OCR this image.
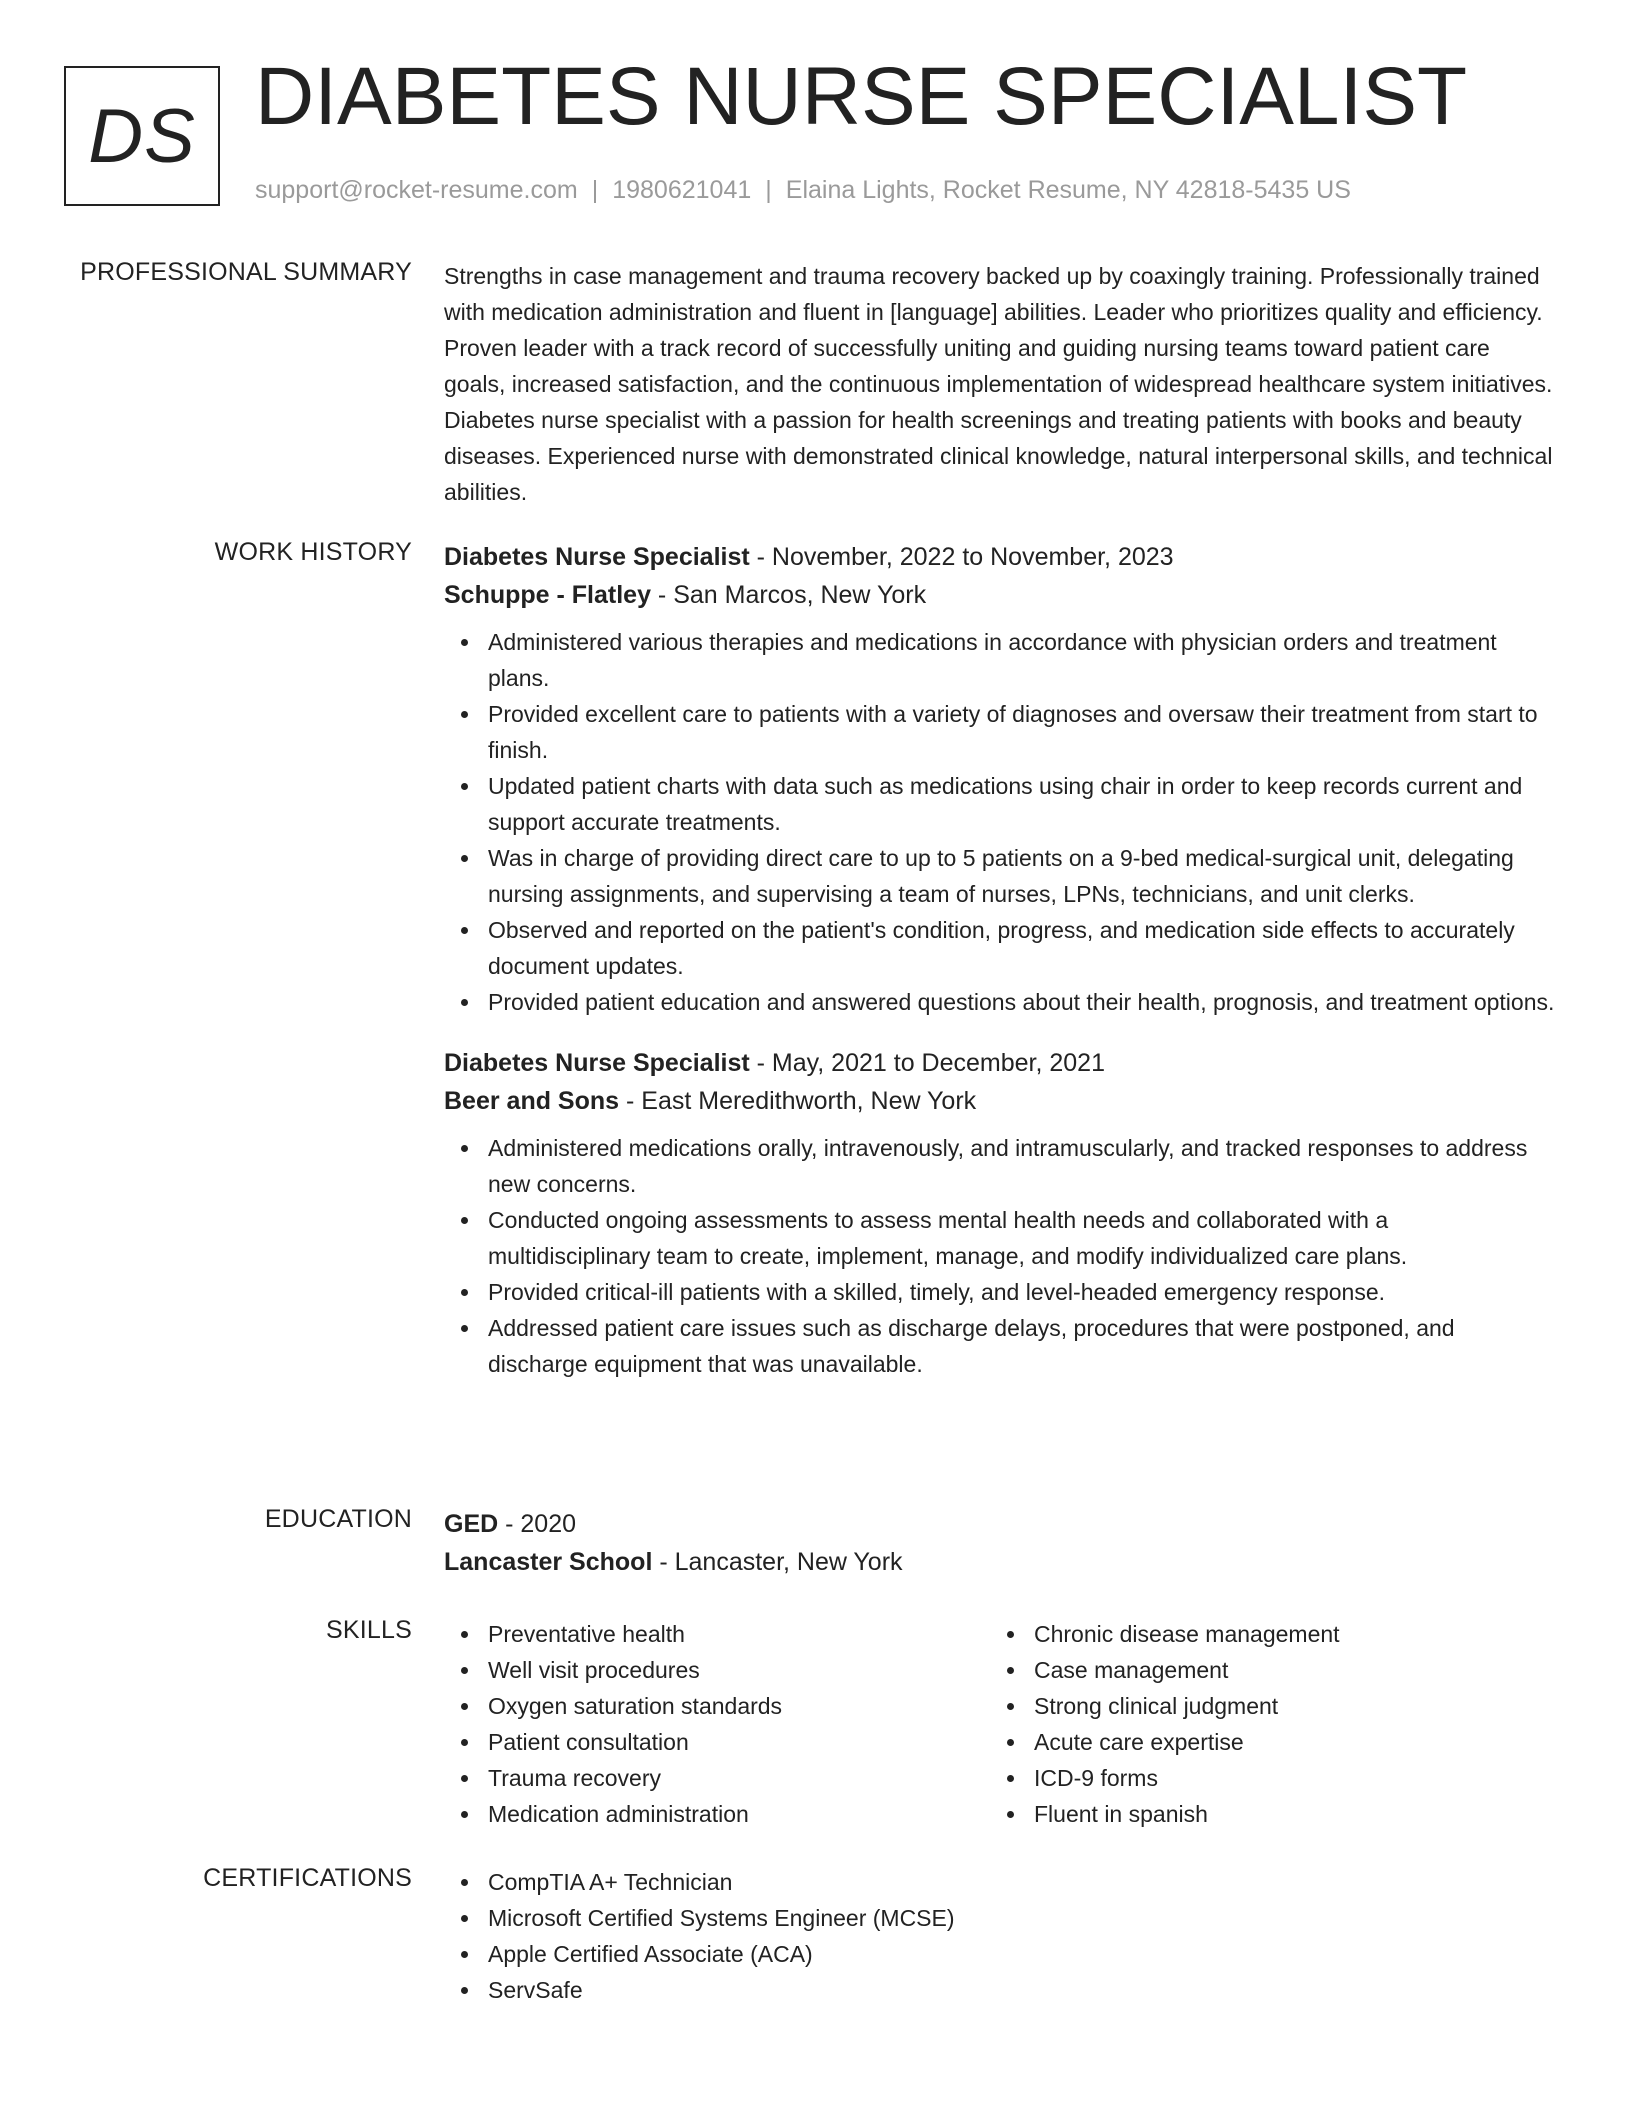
DS DIABETES NURSE SPECIALIST
support@rocket-resume.com | 1980621041 | Elaina Lights, Rocket Resume, NY 42818-5435 US
PROFESSIONAL SUMMARY Strengths in case management and trauma recovery backed up by coaxingly training. Professionally trained with medication administration and fluent in [language] abilities. Leader who prioritizes quality and efficiency. Proven leader with a track record of successfully uniting and guiding nursing teams toward patient care goals, increased satisfaction, and the continuous implementation of widespread healthcare system initiatives. Diabetes nurse specialist with a passion for health screenings and treating patients with books and beauty diseases. Experienced nurse with demonstrated clinical knowledge, natural interpersonal skills, and technical abilities.

WORK HISTORY Diabetes Nurse Specialist - November, 2022 to November, 2023
Schuppe - Flatley - San Marcos, New York
Administered various therapies and medications in accordance with physician orders and treatment plans.
Provided excellent care to patients with a variety of diagnoses and oversaw their treatment from start to finish.
Updated patient charts with data such as medications using chair in order to keep records current and support accurate treatments.
Was in charge of providing direct care to up to 5 patients on a 9-bed medical-surgical unit, delegating nursing assignments, and supervising a team of nurses, LPNs, technicians, and unit clerks.
Observed and reported on the patient's condition, progress, and medication side effects to accurately document updates.
Provided patient education and answered questions about their health, prognosis, and treatment options.
Diabetes Nurse Specialist - May, 2021 to December, 2021
Beer and Sons - East Meredithworth, New York
Administered medications orally, intravenously, and intramuscularly, and tracked responses to address new concerns.
Conducted ongoing assessments to assess mental health needs and collaborated with a multidisciplinary team to create, implement, manage, and modify individualized care plans.
Provided critical-ill patients with a skilled, timely, and level-headed emergency response.
Addressed patient care issues such as discharge delays, procedures that were postponed, and discharge equipment that was unavailable.
EDUCATION GED - 2020
Lancaster School - Lancaster, New York
SKILLS	Preventative health
Well visit procedures
Oxygen saturation standards
Patient consultation
Trauma recovery
Medication administration
Chronic disease management
Case management
Strong clinical judgment
Acute care expertise
ICD-9 forms
Fluent in spanish
CERTIFICATIONS	CompTIA A+ Technician
Microsoft Certified Systems Engineer (MCSE)
Apple Certified Associate (ACA)
ServSafe
